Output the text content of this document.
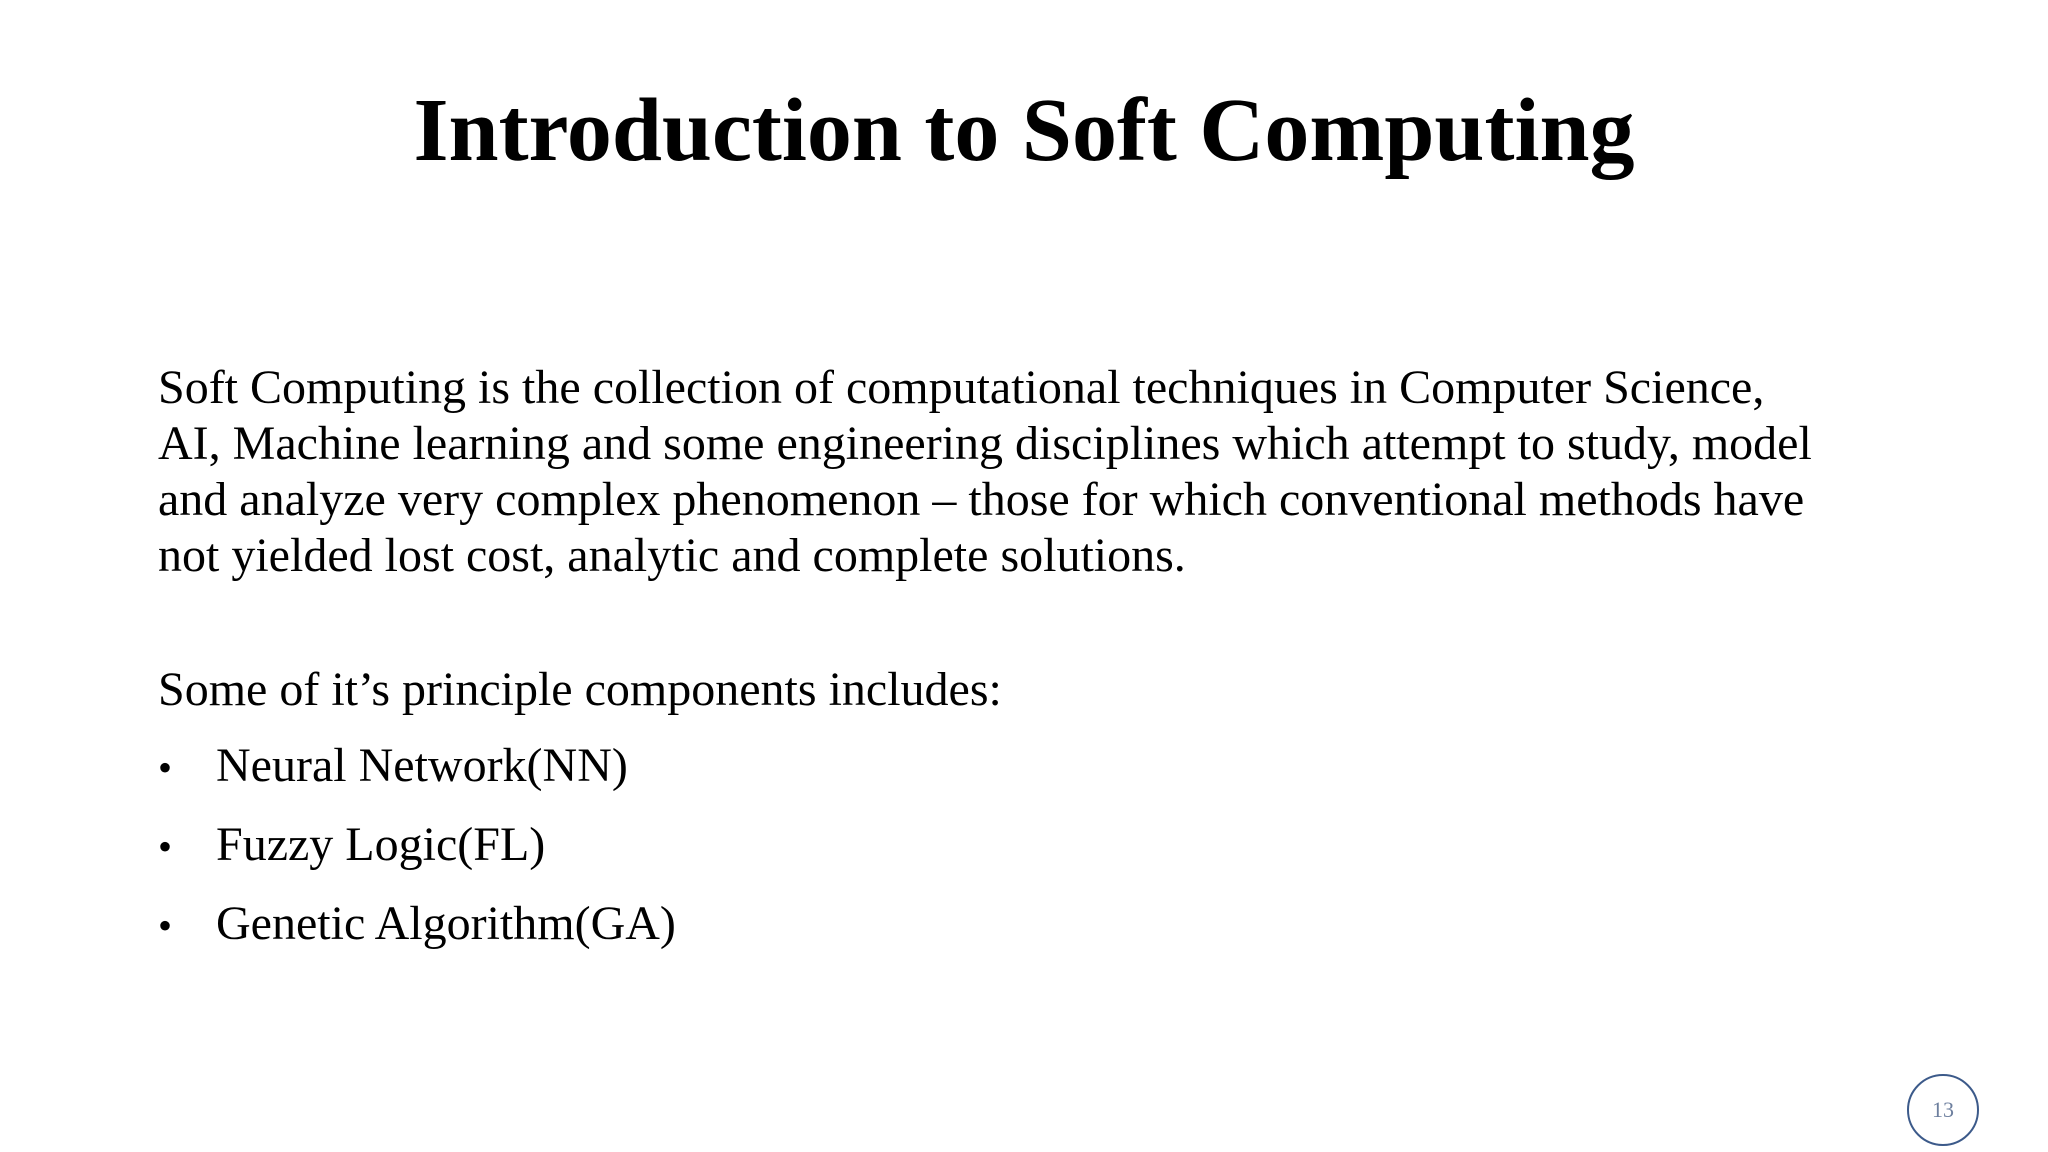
Introduction to Soft Computing

Soft Computing is the collection of computational techniques in Computer Science,
AI, Machine learning and some engineering disciplines which attempt to study, model
and analyze very complex phenomenon – those for which conventional methods have
not yielded lost cost, analytic and complete solutions.

Some of it’s principle components includes:

• Neural Network(NN)
• Fuzzy Logic(FL)
• Genetic Algorithm(GA)
13
